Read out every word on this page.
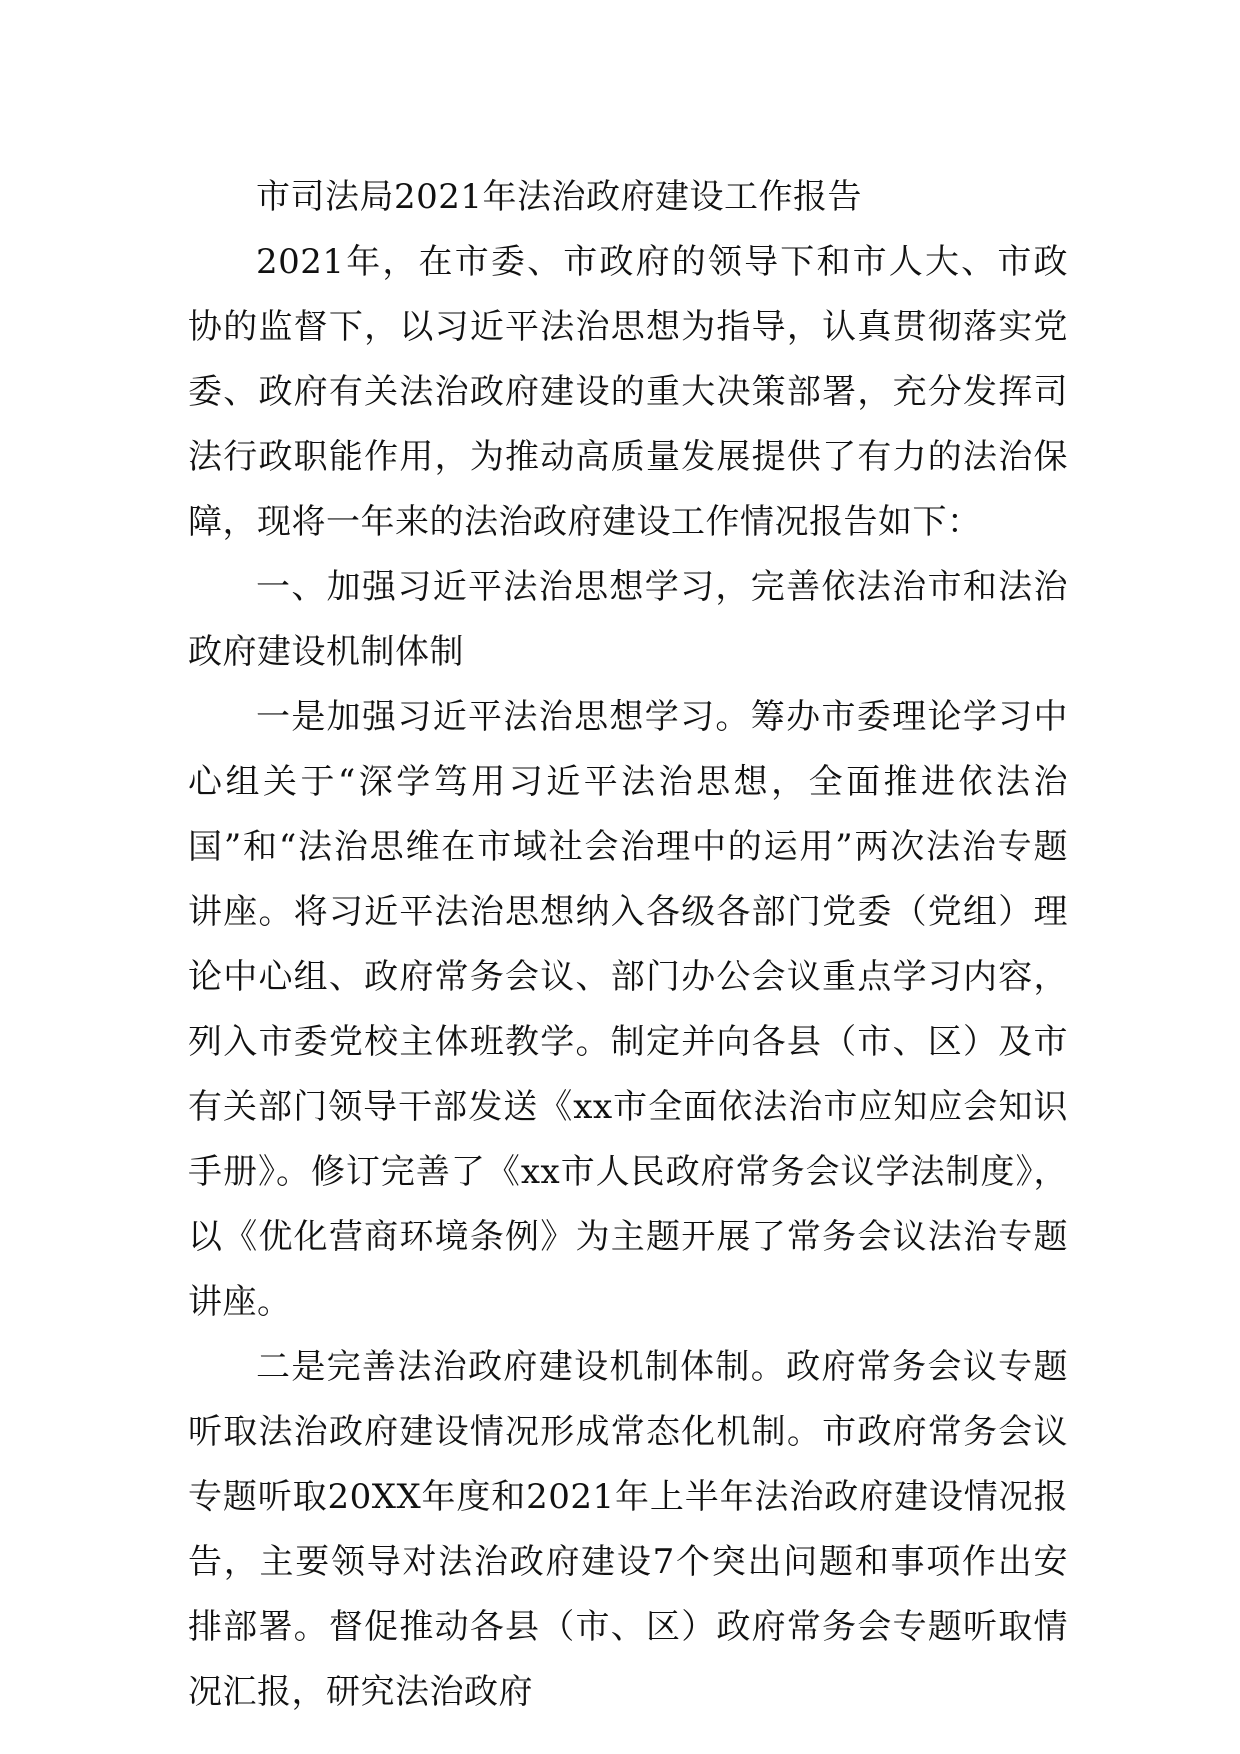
市司法局2021年法治政府建设工作报告

2021年，在市委、市政府的领导下和市人大、市政协的监督下，以习近平法治思想为指导，认真贯彻落实党委、政府有关法治政府建设的重大决策部署，充分发挥司法行政职能作用，为推动高质量发展提供了有力的法治保障，现将一年来的法治政府建设工作情况报告如下：

一、加强习近平法治思想学习，完善依法治市和法治政府建设机制体制

一是加强习近平法治思想学习。筹办市委理论学习中心组关于“深学笃用习近平法治思想，全面推进依法治国”和“法治思维在市域社会治理中的运用”两次法治专题讲座。将习近平法治思想纳入各级各部门党委（党组）理论中心组、政府常务会议、部门办公会议重点学习内容，列入市委党校主体班教学。制定并向各县（市、区）及市有关部门领导干部发送《xx市全面依法治市应知应会知识手册》。修订完善了《xx市人民政府常务会议学法制度》，以《优化营商环境条例》为主题开展了常务会议法治专题讲座。

二是完善法治政府建设机制体制。政府常务会议专题听取法治政府建设情况形成常态化机制。市政府常务会议专题听取20XX年度和2021年上半年法治政府建设情况报告，主要领导对法治政府建设7个突出问题和事项作出安排部署。督促推动各县（市、区）政府常务会专题听取情况汇报，研究法治政府
